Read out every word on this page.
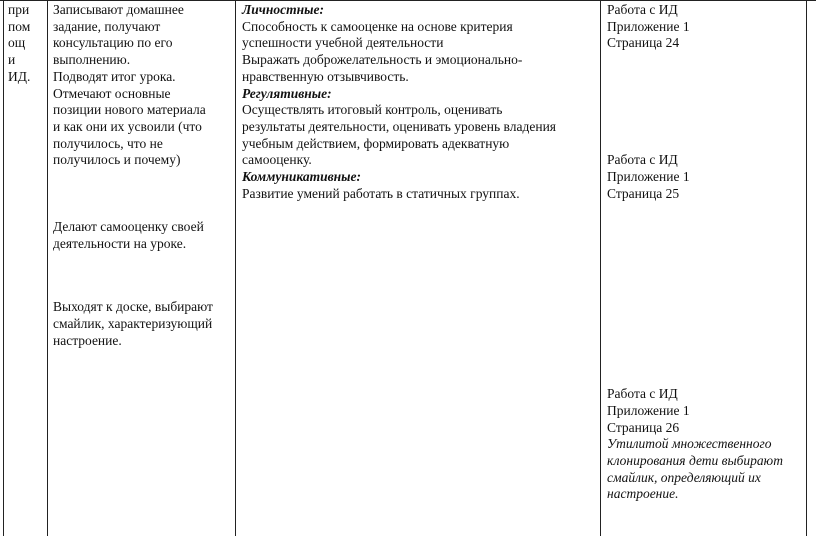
при
пом
ощ
и
ИД.
Записывают домашнее
задание, получают
консультацию по его
выполнению.
Подводят итог урока.
Отмечают основные
позиции нового материала
и как они их усвоили (что
получилось, что не
получилось и почему)
Делают самооценку своей
деятельности на уроке.
Выходят к доске, выбирают
смайлик, характеризующий
настроение.
Личностные:
Способность к самооценке на основе критерия
успешности учебной деятельности
Выражать доброжелательность и эмоционально-
нравственную отзывчивость.
Регулятивные:
Осуществлять итоговый контроль, оценивать
результаты деятельности, оценивать уровень владения
учебным действием, формировать адекватную
самооценку.
Коммуникативные:
Развитие умений работать в статичных группах.
Работа с ИД
Приложение 1
Страница 24
Работа с ИД
Приложение 1
Страница 25
Работа с ИД
Приложение 1
Страница 26
Утилитой множественного
клонирования дети выбирают
смайлик, определяющий их
настроение.
